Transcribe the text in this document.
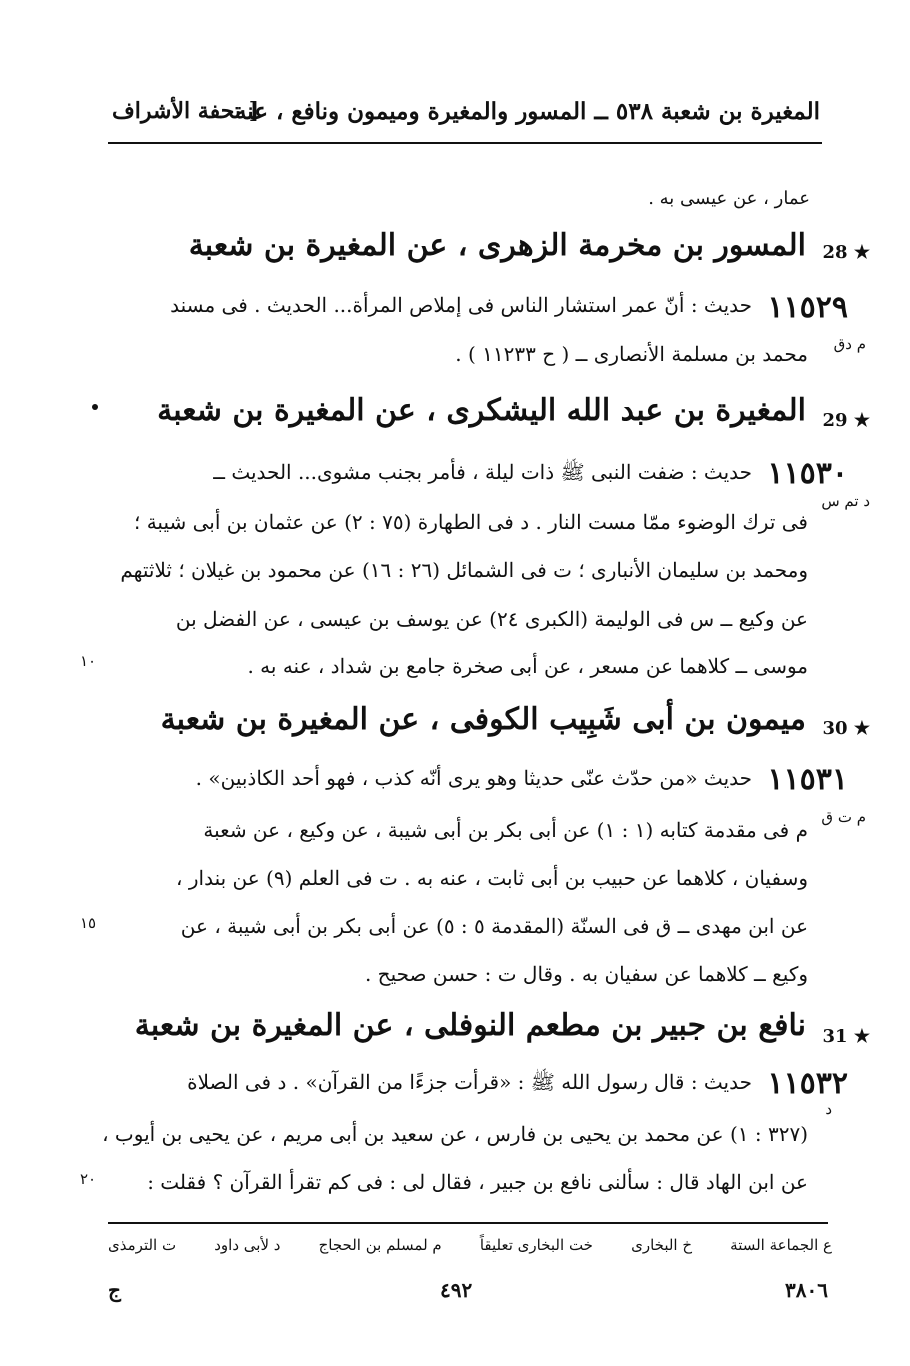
المغيرة بن شعبة ٥٣٨ ــ المسور والمغيرة وميمون ونافع ، عنه
[ تحفة الأشراف
عمار ، عن عيسى به .
28 ★
المسور بن مخرمة الزهرى ، عن المغيرة بن شعبة
١١٥٢٩
حديث : أنّ عمر استشار الناس فى إملاص المرأة... الحديث . فى مسند
م دق
محمد بن مسلمة الأنصارى ــ ( ح ١١٢٣٣ ) .
29 ★
المغيرة بن عبد الله اليشكرى ، عن المغيرة بن شعبة
١١٥٣٠
حديث : ضفت النبى ﷺ ذات ليلة ، فأمر بجنب مشوى... الحديث ــ
د تم س
فى ترك الوضوء ممّا مست النار . د فى الطهارة (٧٥ : ٢) عن عثمان بن أبى شيبة ؛
ومحمد بن سليمان الأنبارى ؛ ت فى الشمائل (٢٦ : ١٦) عن محمود بن غيلان ؛ ثلاثتهم
عن وكيع ــ س فى الوليمة (الكبرى ٢٤) عن يوسف بن عيسى ، عن الفضل بن
موسى ــ كلاهما عن مسعر ، عن أبى صخرة جامع بن شداد ، عنه به .
١٠
30 ★
ميمون بن أبى شَبِيب الكوفى ، عن المغيرة بن شعبة
١١٥٣١
حديث «من حدّث عنّى حديثا وهو يرى أنّه كذب ، فهو أحد الكاذبين» .
م ت ق
م فى مقدمة كتابه (١ : ١) عن أبى بكر بن أبى شيبة ، عن وكيع ، عن شعبة
وسفيان ، كلاهما عن حبيب بن أبى ثابت ، عنه به . ت فى العلم (٩) عن بندار ،
عن ابن مهدى ــ ق فى السنّة (المقدمة ٥ : ٥) عن أبى بكر بن أبى شيبة ، عن
١٥
وكيع ــ كلاهما عن سفيان به . وقال ت : حسن صحيح .
31 ★
نافع بن جبير بن مطعم النوفلى ، عن المغيرة بن شعبة
١١٥٣٢
حديث : قال رسول الله ﷺ : «قرأت جزءًا من القرآن» . د فى الصلاة
د
(٣٢٧ : ١) عن محمد بن يحيى بن فارس ، عن سعيد بن أبى مريم ، عن يحيى بن أيوب ،
عن ابن الهاد قال : سألنى نافع بن جبير ، فقال لى : فى كم تقرأ القرآن ؟ فقلت :
٢٠
ع الجماعة الستة
خ البخارى
خت البخارى تعليقاً
م لمسلم بن الحجاج
د لأبى داود
ت الترمذى
٣٨٠٦
٤٩٢
ج
